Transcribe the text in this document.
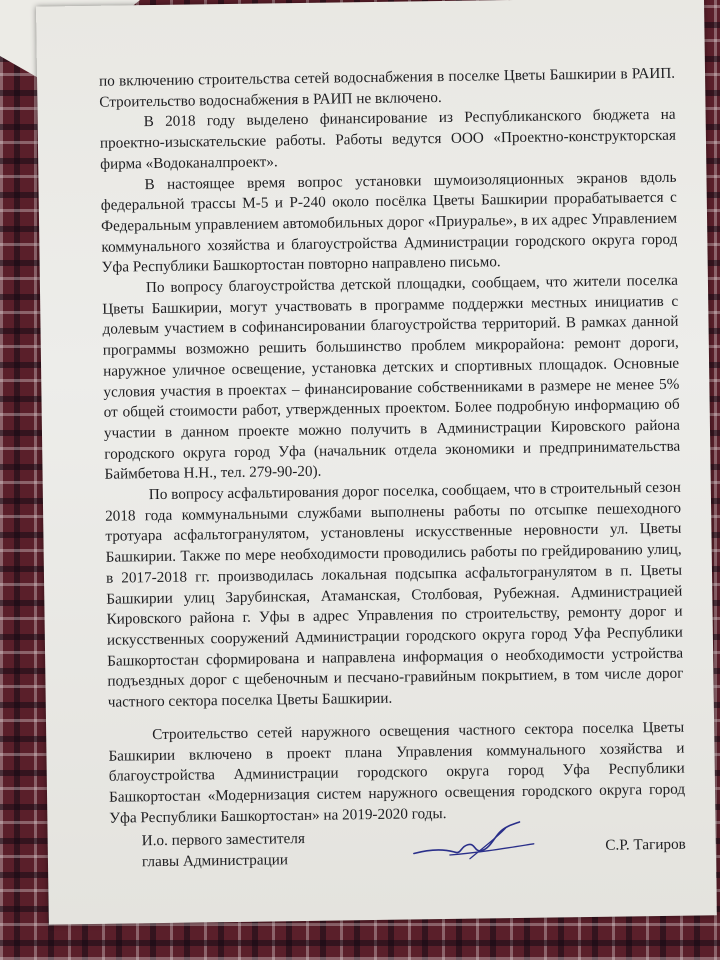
по включению строительства сетей водоснабжения в поселке Цветы Башкирии в РАИП. Строительство водоснабжения в РАИП не включено.

В 2018 году выделено финансирование из Республиканского бюджета на проектно-изыскательские работы. Работы ведутся ООО «Проектно-конструкторская фирма «Водоканалпроект».

В настоящее время вопрос установки шумоизоляционных экранов вдоль федеральной трассы М-5 и Р-240 около посёлка Цветы Башкирии прорабатывается с Федеральным управлением автомобильных дорог «Приуралье», в их адрес Управлением коммунального хозяйства и благоустройства Администрации городского округа город Уфа Республики Башкортостан повторно направлено письмо.

По вопросу благоустройства детской площадки, сообщаем, что жители поселка Цветы Башкирии, могут участвовать в программе поддержки местных инициатив с долевым участием в софинансировании благоустройства территорий. В рамках данной программы возможно решить большинство проблем микрорайона: ремонт дороги, наружное уличное освещение, установка детских и спортивных площадок. Основные условия участия в проектах – финансирование собственниками в размере не менее 5% от общей стоимости работ, утвержденных проектом. Более подробную информацию об участии в данном проекте можно получить в Администрации Кировского района городского округа город Уфа (начальник отдела экономики и предпринимательства Баймбетова Н.Н., тел. 279-90-20).

По вопросу асфальтирования дорог поселка, сообщаем, что в строительный сезон 2018 года коммунальными службами выполнены работы по отсыпке пешеходного тротуара асфальтогранулятом, установлены искусственные неровности ул. Цветы Башкирии. Также по мере необходимости проводились работы по грейдированию улиц, в 2017-2018 гг. производилась локальная подсыпка асфальтогранулятом в п. Цветы Башкирии улиц Зарубинская, Атаманская, Столбовая, Рубежная. Администрацией Кировского района г. Уфы в адрес Управления по строительству, ремонту дорог и искусственных сооружений Администрации городского округа город Уфа Республики Башкортостан сформирована и направлена информация о необходимости устройства подъездных дорог с щебеночным и песчано-гравийным покрытием, в том числе дорог частного сектора поселка Цветы Башкирии.

Строительство сетей наружного освещения частного сектора поселка Цветы Башкирии включено в проект плана Управления коммунального хозяйства и благоустройства Администрации городского округа город Уфа Республики Башкортостан «Модернизация систем наружного освещения городского округа город Уфа Республики Башкортостан» на 2019-2020 годы.

И.о. первого заместителя
главы Администрации
С.Р. Тагиров
